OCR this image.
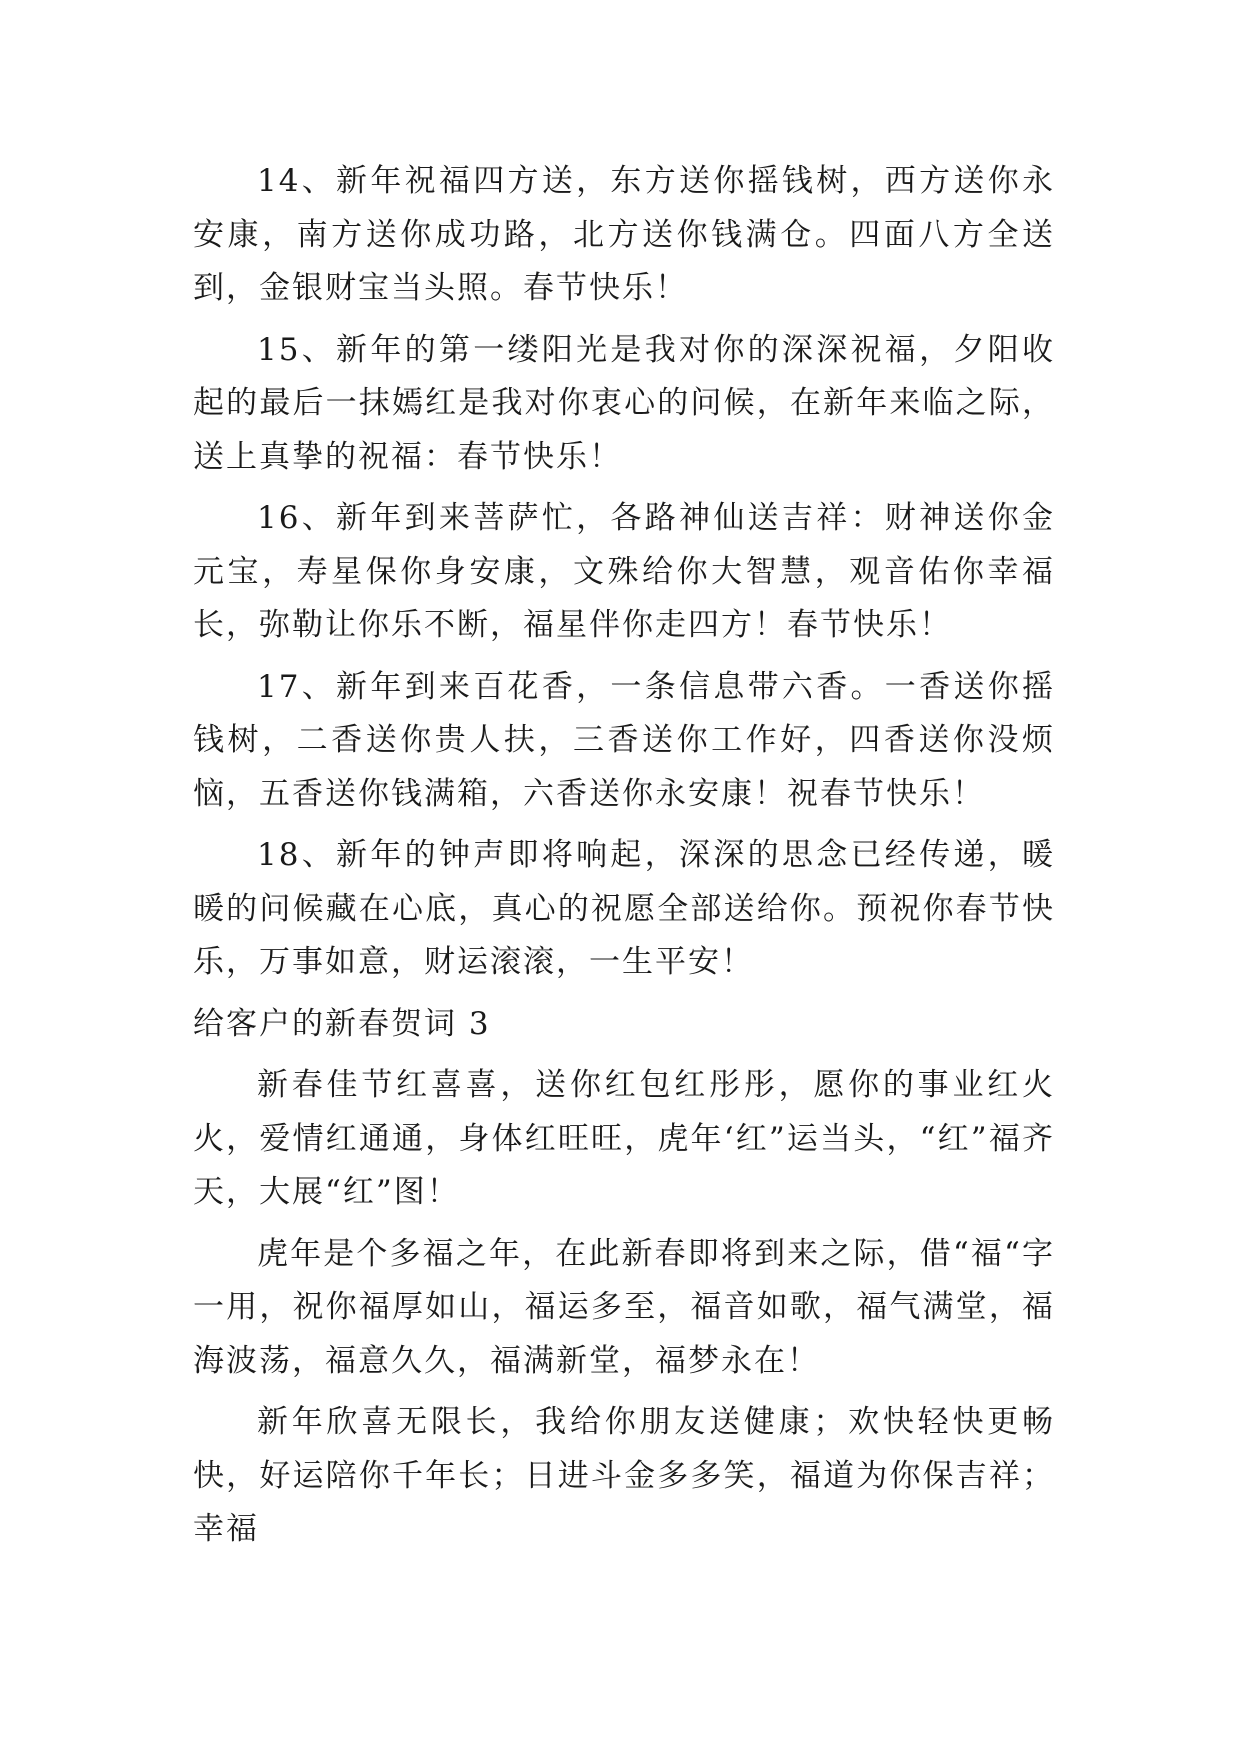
14、新年祝福四方送，东方送你摇钱树，西方送你永安康，南方送你成功路，北方送你钱满仓。四面八方全送到，金银财宝当头照。春节快乐！

15、新年的第一缕阳光是我对你的深深祝福，夕阳收起的最后一抹嫣红是我对你衷心的问候，在新年来临之际，送上真挚的祝福：春节快乐！

16、新年到来菩萨忙，各路神仙送吉祥：财神送你金元宝，寿星保你身安康，文殊给你大智慧，观音佑你幸福长，弥勒让你乐不断，福星伴你走四方！春节快乐！

17、新年到来百花香，一条信息带六香。一香送你摇钱树，二香送你贵人扶，三香送你工作好，四香送你没烦恼，五香送你钱满箱，六香送你永安康！祝春节快乐！

18、新年的钟声即将响起，深深的思念已经传递，暖暖的问候藏在心底，真心的祝愿全部送给你。预祝你春节快乐，万事如意，财运滚滚，一生平安！

给客户的新春贺词 3

新春佳节红喜喜，送你红包红彤彤，愿你的事业红火火，爱情红通通，身体红旺旺，虎年‘红”运当头，“红”福齐天，大展“红”图！

虎年是个多福之年，在此新春即将到来之际，借“福“字一用，祝你福厚如山，福运多至，福音如歌，福气满堂，福海波荡，福意久久，福满新堂，福梦永在！

新年欣喜无限长，我给你朋友送健康；欢快轻快更畅快，好运陪你千年长；日进斗金多多笑，福道为你保吉祥；幸福
